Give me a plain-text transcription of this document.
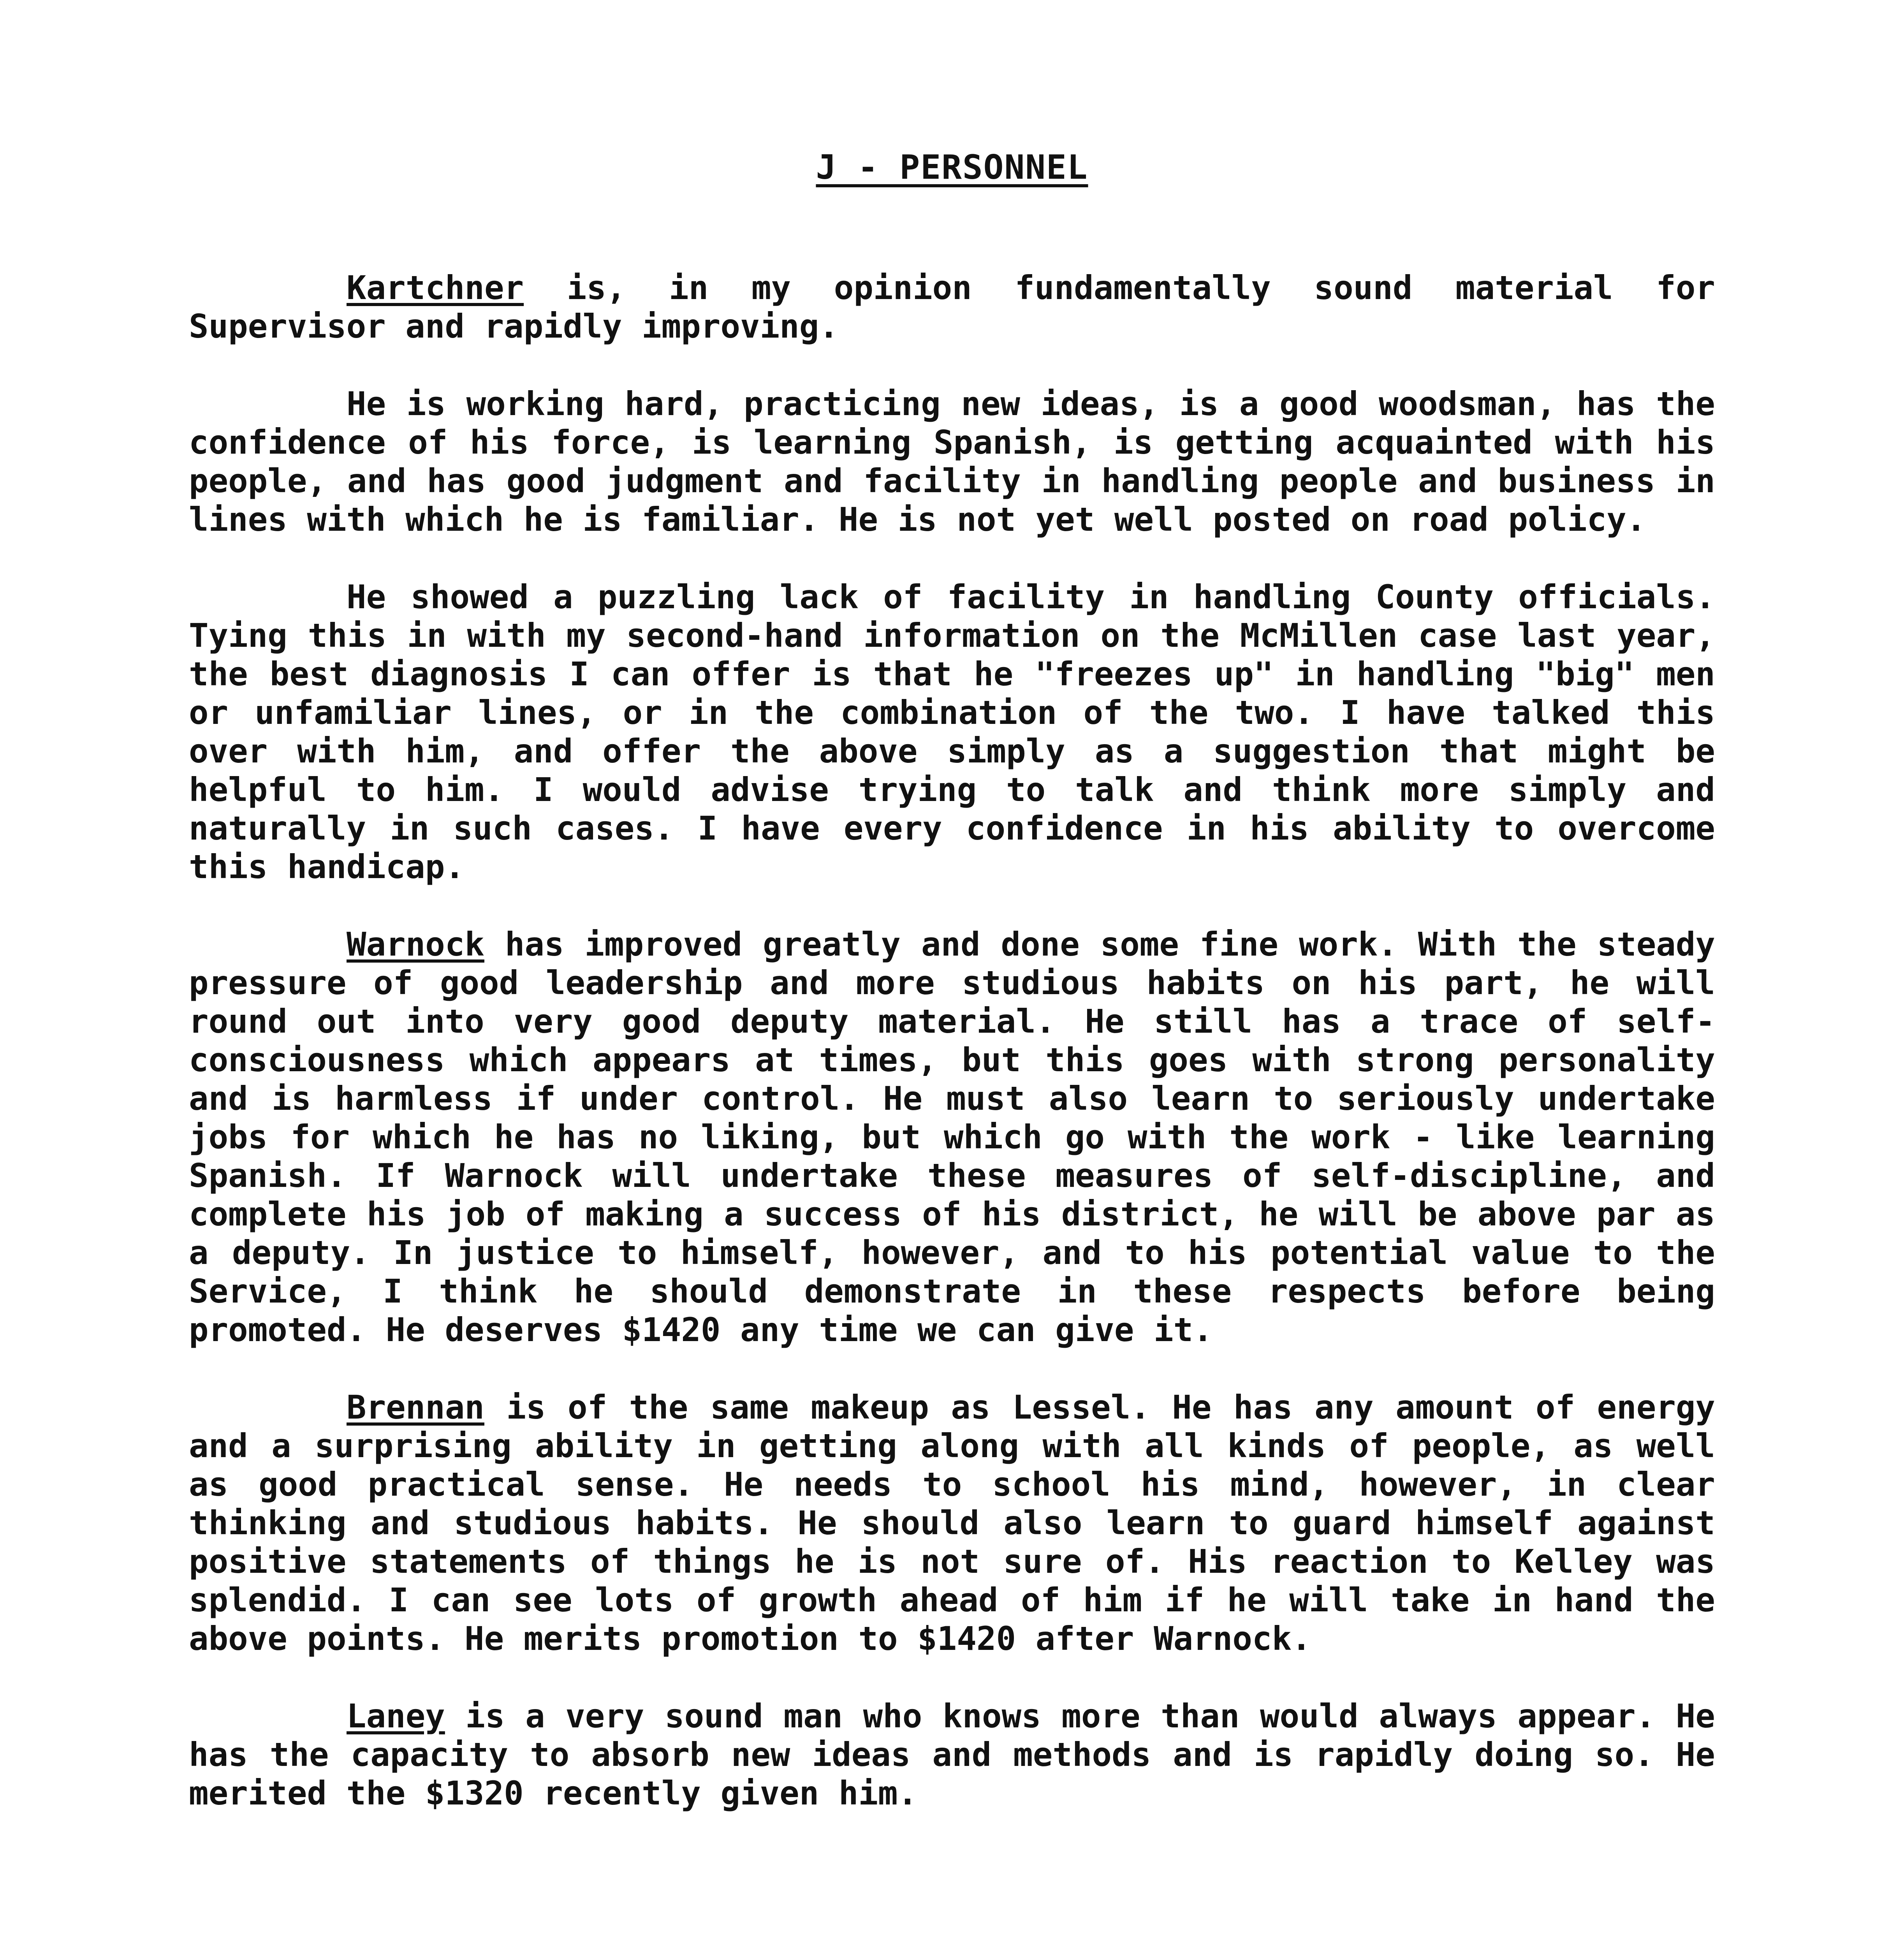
J - PERSONNEL

Kartchner is, in my opinion fundamentally sound material for Supervisor and rapidly improving.

He is working hard, practicing new ideas, is a good woodsman, has the confidence of his force, is learning Spanish, is getting acquainted with his people, and has good judgment and facility in handling people and business in lines with which he is familiar. He is not yet well posted on road policy.

He showed a puzzling lack of facility in handling County officials. Tying this in with my second-hand information on the McMillen case last year, the best diagnosis I can offer is that he "freezes up" in handling "big" men or unfamiliar lines, or in the combination of the two. I have talked this over with him, and offer the above simply as a suggestion that might be helpful to him. I would advise trying to talk and think more simply and naturally in such cases. I have every confidence in his ability to overcome this handicap.

Warnock has improved greatly and done some fine work. With the steady pressure of good leadership and more studious habits on his part, he will round out into very good deputy material. He still has a trace of self-consciousness which appears at times, but this goes with strong personality and is harmless if under control. He must also learn to seriously undertake jobs for which he has no liking, but which go with the work - like learning Spanish. If Warnock will undertake these measures of self-discipline, and complete his job of making a success of his district, he will be above par as a deputy. In justice to himself, however, and to his potential value to the Service, I think he should demonstrate in these respects before being promoted. He deserves $1420 any time we can give it.

Brennan is of the same makeup as Lessel. He has any amount of energy and a surprising ability in getting along with all kinds of people, as well as good practical sense. He needs to school his mind, however, in clear thinking and studious habits. He should also learn to guard himself against positive statements of things he is not sure of. His reaction to Kelley was splendid. I can see lots of growth ahead of him if he will take in hand the above points. He merits promotion to $1420 after Warnock.

Laney is a very sound man who knows more than would always appear. He has the capacity to absorb new ideas and methods and is rapidly doing so. He merited the $1320 recently given him.
